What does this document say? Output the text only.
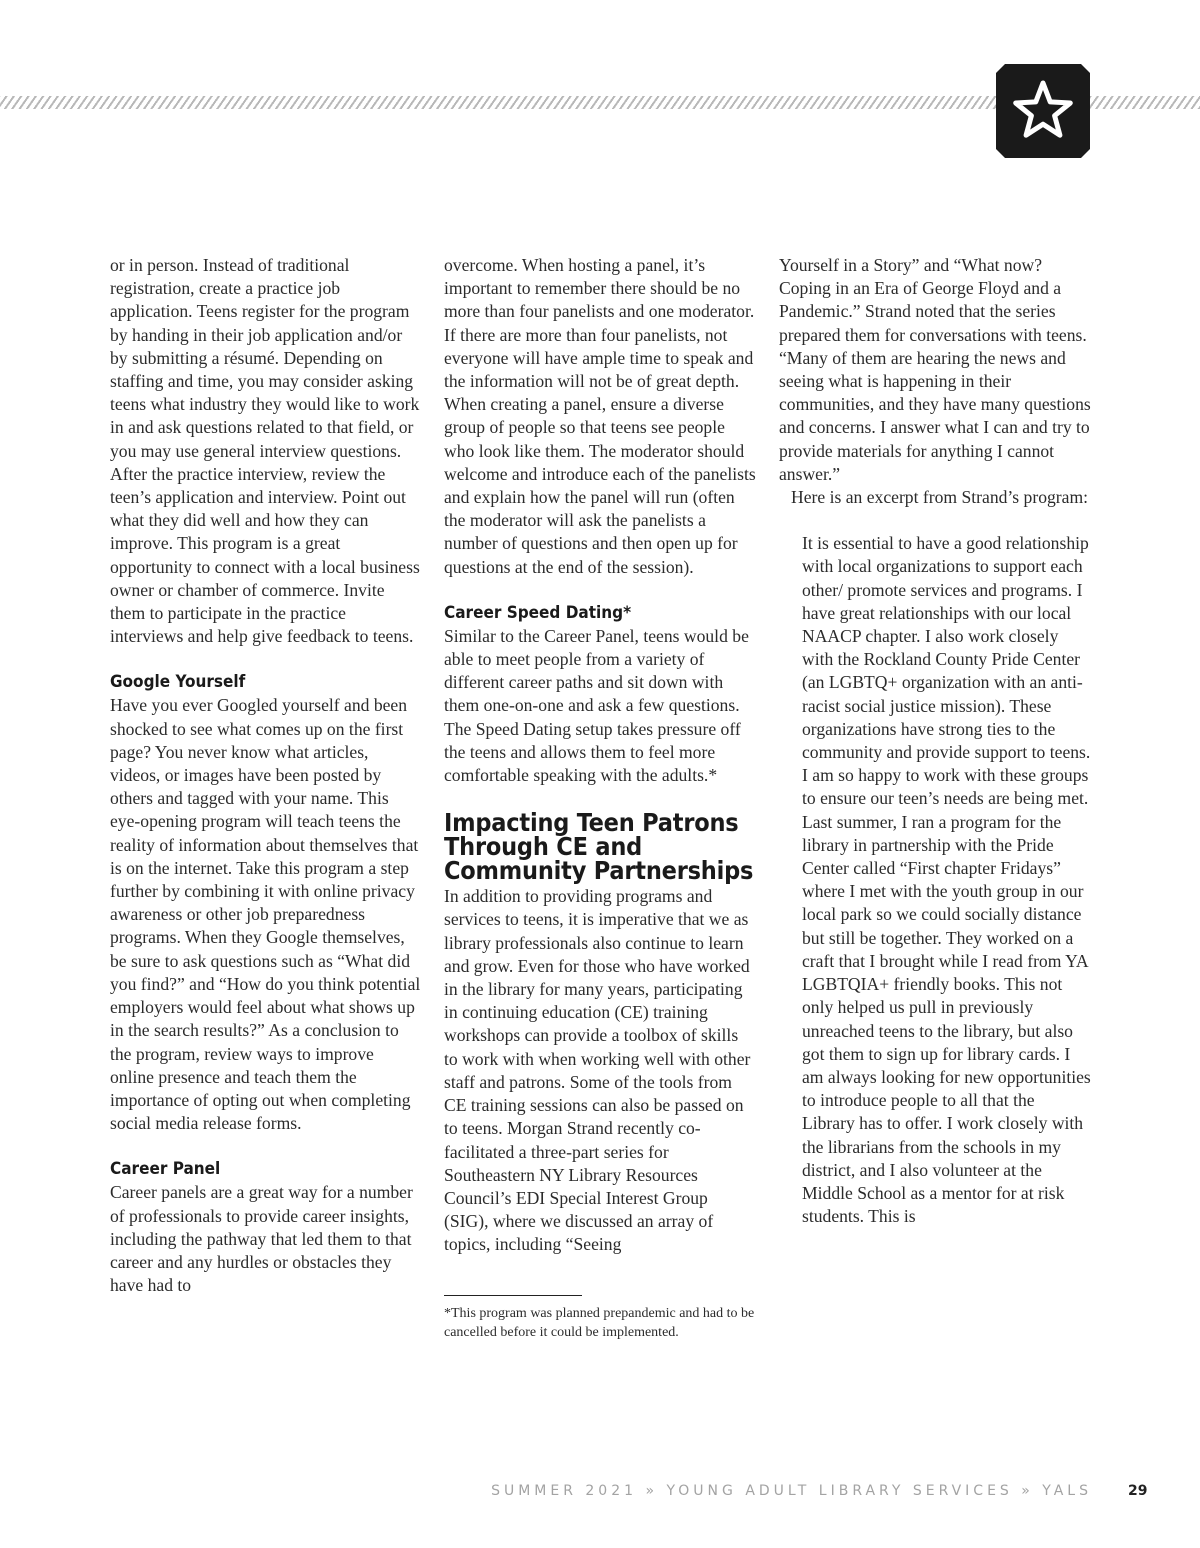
or in person. Instead of traditional registration, create a practice job application. Teens register for the program by handing in their job application and/or by submitting a résumé. Depending on staffing and time, you may consider asking teens what industry they would like to work in and ask questions related to that field, or you may use general interview questions. After the practice interview, review the teen’s application and interview. Point out what they did well and how they can improve. This program is a great opportunity to connect with a local business owner or chamber of commerce. Invite them to participate in the practice interviews and help give feedback to teens.

Google Yourself

Have you ever Googled yourself and been shocked to see what comes up on the first page? You never know what articles, videos, or images have been posted by others and tagged with your name. This eye-opening program will teach teens the reality of information about themselves that is on the internet. Take this program a step further by combining it with online privacy awareness or other job preparedness programs. When they Google themselves, be sure to ask questions such as “What did you find?” and “How do you think potential employers would feel about what shows up in the search results?” As a conclusion to the program, review ways to improve online presence and teach them the importance of opting out when completing social media release forms.

Career Panel

Career panels are a great way for a number of professionals to provide career insights, including the pathway that led them to that career and any hurdles or obstacles they have had to

overcome. When hosting a panel, it’s important to remember there should be no more than four panelists and one moderator. If there are more than four panelists, not everyone will have ample time to speak and the information will not be of great depth. When creating a panel, ensure a diverse group of people so that teens see people who look like them. The moderator should welcome and introduce each of the panelists and explain how the panel will run (often the moderator will ask the panelists a number of questions and then open up for questions at the end of the session).

Career Speed Dating*

Similar to the Career Panel, teens would be able to meet people from a variety of different career paths and sit down with them one-on-one and ask a few questions. The Speed Dating setup takes pressure off the teens and allows them to feel more comfortable speaking with the adults.*

Impacting Teen Patrons Through CE and Community Partnerships

In addition to providing programs and services to teens, it is imperative that we as library professionals also continue to learn and grow. Even for those who have worked in the library for many years, participating in continuing education (CE) training workshops can provide a toolbox of skills to work with when working well with other staff and patrons. Some of the tools from CE training sessions can also be passed on to teens. Morgan Strand recently co-facilitated a three-part series for Southeastern NY Library Resources Council’s EDI Special Interest Group (SIG), where we discussed an array of topics, including “Seeing

*This program was planned prepandemic and had to be cancelled before it could be implemented.

Yourself in a Story” and “What now? Coping in an Era of George Floyd and a Pandemic.” Strand noted that the series prepared them for conversations with teens. “Many of them are hearing the news and seeing what is happening in their communities, and they have many questions and concerns. I answer what I can and try to provide materials for anything I cannot answer.”

Here is an excerpt from Strand’s program:

It is essential to have a good relationship with local organizations to support each other/ promote services and programs. I have great relationships with our local NAACP chapter. I also work closely with the Rockland County Pride Center (an LGBTQ+ organization with an anti-racist social justice mission). These organizations have strong ties to the community and provide support to teens. I am so happy to work with these groups to ensure our teen’s needs are being met. Last summer, I ran a program for the library in partnership with the Pride Center called “First chapter Fridays” where I met with the youth group in our local park so we could socially distance but still be together. They worked on a craft that I brought while I read from YA LGBTQIA+ friendly books. This not only helped us pull in previously unreached teens to the library, but also got them to sign up for library cards. I am always looking for new opportunities to introduce people to all that the Library has to offer. I work closely with the librarians from the schools in my district, and I also volunteer at the Middle School as a mentor for at risk students. This is

SUMMER 2021 » YOUNG ADULT LIBRARY SERVICES » YALS	29
